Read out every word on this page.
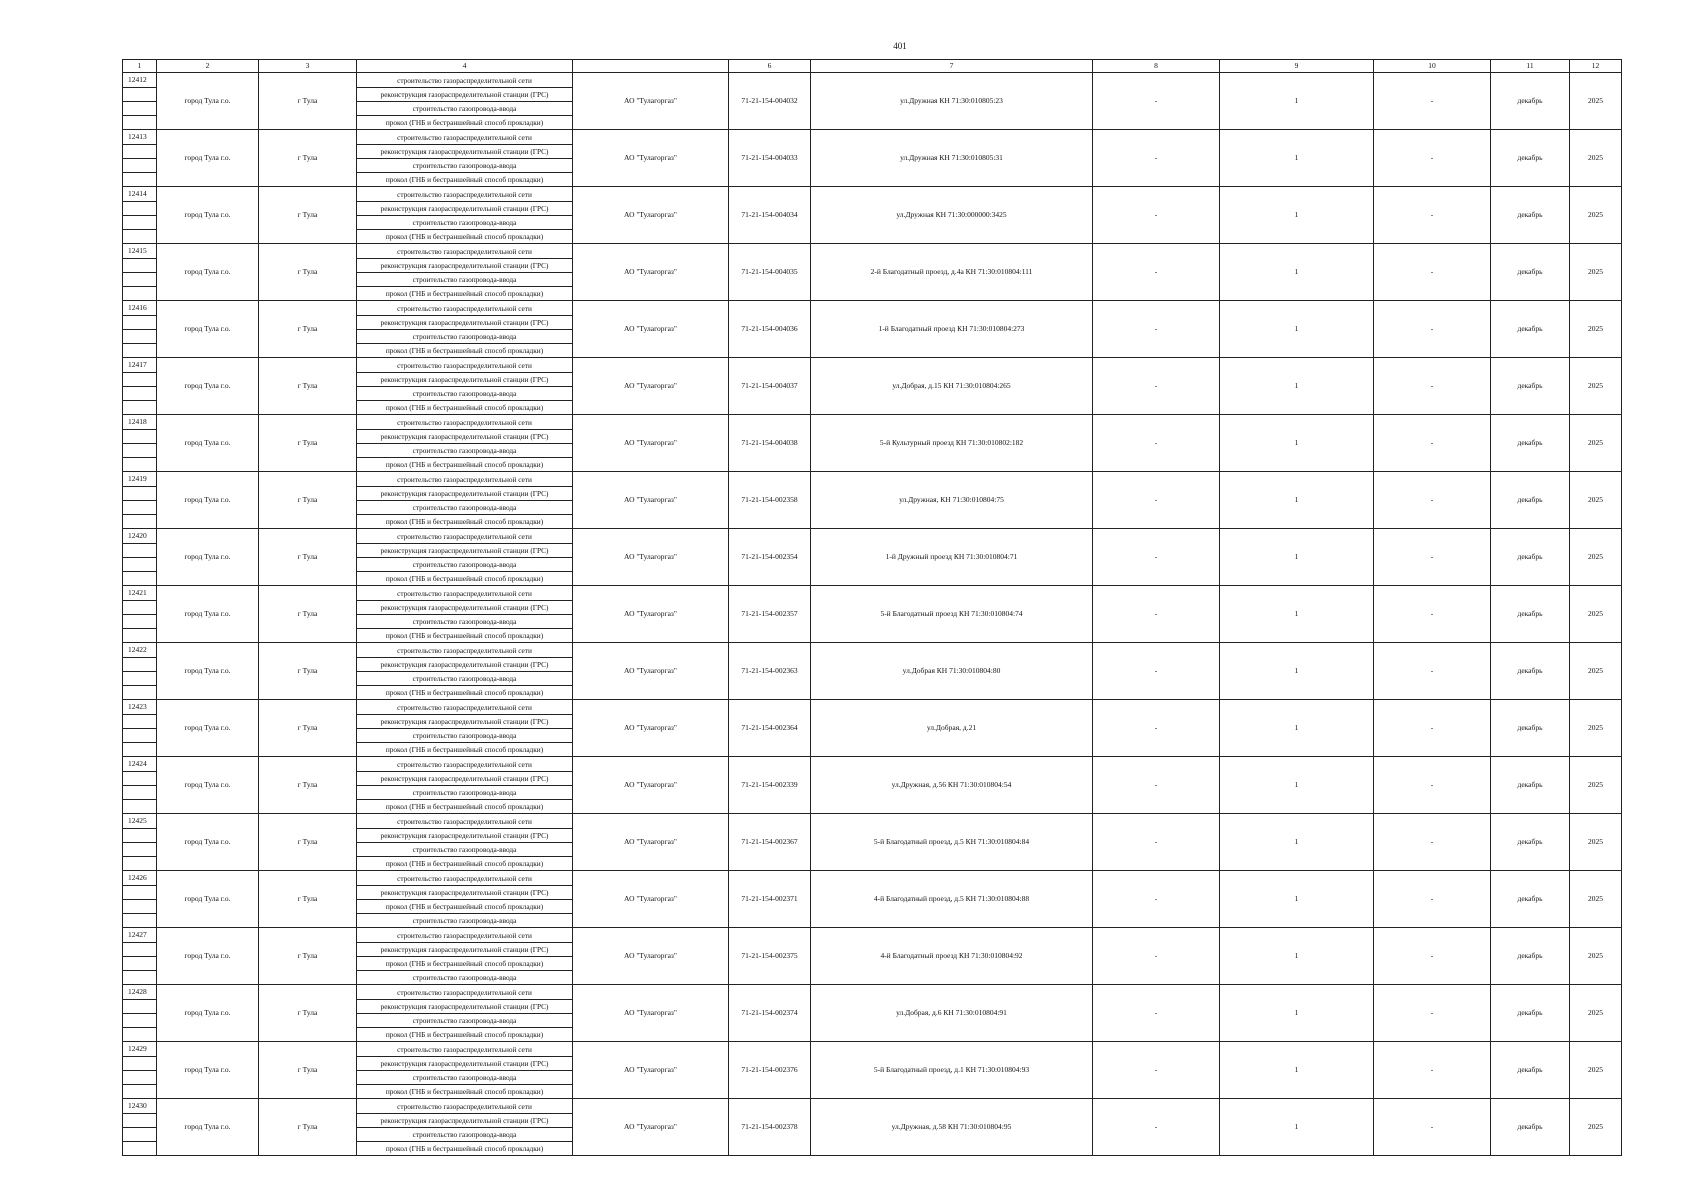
401
1	2	3	4		6	7	8	9	10	11	12
12412	город Тула г.о.	г Тула	строительство газораспределительной сети	АО "Тулагоргаз"	71-21-154-004032	ул.Дружная КН 71:30:010805:23	-	1	-	декабрь	2025
			реконструкция газораспределительной станции (ГРС)								
			строительство газопровода-ввода								
			прокол (ГНБ и бестраншейный способ прокладки)								
12413	город Тула г.о.	г Тула	строительство газораспределительной сети	АО "Тулагоргаз"	71-21-154-004033	ул.Дружная КН 71:30:010805:31	-	1	-	декабрь	2025
			реконструкция газораспределительной станции (ГРС)								
			строительство газопровода-ввода								
			прокол (ГНБ и бестраншейный способ прокладки)								
12414	город Тула г.о.	г Тула	строительство газораспределительной сети	АО "Тулагоргаз"	71-21-154-004034	ул.Дружная КН 71:30:000000:3425	-	1	-	декабрь	2025
			реконструкция газораспределительной станции (ГРС)								
			строительство газопровода-ввода								
			прокол (ГНБ и бестраншейный способ прокладки)								
12415	город Тула г.о.	г Тула	строительство газораспределительной сети	АО "Тулагоргаз"	71-21-154-004035	2-й Благодатный проезд, д.4а КН 71:30:010804:111	-	1	-	декабрь	2025
			реконструкция газораспределительной станции (ГРС)								
			строительство газопровода-ввода								
			прокол (ГНБ и бестраншейный способ прокладки)								
12416	город Тула г.о.	г Тула	строительство газораспределительной сети	АО "Тулагоргаз"	71-21-154-004036	1-й Благодатный проезд КН 71:30:010804:273	-	1	-	декабрь	2025
			реконструкция газораспределительной станции (ГРС)								
			строительство газопровода-ввода								
			прокол (ГНБ и бестраншейный способ прокладки)								
12417	город Тула г.о.	г Тула	строительство газораспределительной сети	АО "Тулагоргаз"	71-21-154-004037	ул.Добрая, д.15 КН 71:30:010804:265	-	1	-	декабрь	2025
			реконструкция газораспределительной станции (ГРС)								
			строительство газопровода-ввода								
			прокол (ГНБ и бестраншейный способ прокладки)								
12418	город Тула г.о.	г Тула	строительство газораспределительной сети	АО "Тулагоргаз"	71-21-154-004038	5-й Культурный проезд КН 71:30:010802:182	-	1	-	декабрь	2025
			реконструкция газораспределительной станции (ГРС)								
			строительство газопровода-ввода								
			прокол (ГНБ и бестраншейный способ прокладки)								
12419	город Тула г.о.	г Тула	строительство газораспределительной сети	АО "Тулагоргаз"	71-21-154-002358	ул.Дружная, КН 71:30:010804:75	-	1	-	декабрь	2025
			реконструкция газораспределительной станции (ГРС)								
			строительство газопровода-ввода								
			прокол (ГНБ и бестраншейный способ прокладки)								
12420	город Тула г.о.	г Тула	строительство газораспределительной сети	АО "Тулагоргаз"	71-21-154-002354	1-й Дружный проезд КН 71:30:010804:71	-	1	-	декабрь	2025
			реконструкция газораспределительной станции (ГРС)								
			строительство газопровода-ввода								
			прокол (ГНБ и бестраншейный способ прокладки)								
12421	город Тула г.о.	г Тула	строительство газораспределительной сети	АО "Тулагоргаз"	71-21-154-002357	5-й Благодатный проезд КН 71:30:010804:74	-	1	-	декабрь	2025
			реконструкция газораспределительной станции (ГРС)								
			строительство газопровода-ввода								
			прокол (ГНБ и бестраншейный способ прокладки)								
12422	город Тула г.о.	г Тула	строительство газораспределительной сети	АО "Тулагоргаз"	71-21-154-002363	ул.Добрая КН 71:30:010804:80	-	1	-	декабрь	2025
			реконструкция газораспределительной станции (ГРС)								
			строительство газопровода-ввода								
			прокол (ГНБ и бестраншейный способ прокладки)								
12423	город Тула г.о.	г Тула	строительство газораспределительной сети	АО "Тулагоргаз"	71-21-154-002364	ул.Добрая, д.21	-	1	-	декабрь	2025
			реконструкция газораспределительной станции (ГРС)								
			строительство газопровода-ввода								
			прокол (ГНБ и бестраншейный способ прокладки)								
12424	город Тула г.о.	г Тула	строительство газораспределительной сети	АО "Тулагоргаз"	71-21-154-002339	ул.Дружная, д.56 КН 71:30:010804:54	-	1	-	декабрь	2025
			реконструкция газораспределительной станции (ГРС)								
			строительство газопровода-ввода								
			прокол (ГНБ и бестраншейный способ прокладки)								
12425	город Тула г.о.	г Тула	строительство газораспределительной сети	АО "Тулагоргаз"	71-21-154-002367	5-й Благодатный проезд, д.5 КН 71:30:010804:84	-	1	-	декабрь	2025
			реконструкция газораспределительной станции (ГРС)								
			строительство газопровода-ввода								
			прокол (ГНБ и бестраншейный способ прокладки)								
12426	город Тула г.о.	г Тула	строительство газораспределительной сети	АО "Тулагоргаз"	71-21-154-002371	4-й Благодатный проезд, д.5 КН 71:30:010804:88	-	1	-	декабрь	2025
			реконструкция газораспределительной станции (ГРС)								
			прокол (ГНБ и бестраншейный способ прокладки)								
			строительство газопровода-ввода								
12427	город Тула г.о.	г Тула	строительство газораспределительной сети	АО "Тулагоргаз"	71-21-154-002375	4-й Благодатный проезд КН 71:30:010804:92	-	1	-	декабрь	2025
			реконструкция газораспределительной станции (ГРС)								
			прокол (ГНБ и бестраншейный способ прокладки)								
			строительство газопровода-ввода								
12428	город Тула г.о.	г Тула	строительство газораспределительной сети	АО "Тулагоргаз"	71-21-154-002374	ул.Добрая, д.6 КН 71:30:010804:91	-	1	-	декабрь	2025
			реконструкция газораспределительной станции (ГРС)								
			строительство газопровода-ввода								
			прокол (ГНБ и бестраншейный способ прокладки)								
12429	город Тула г.о.	г Тула	строительство газораспределительной сети	АО "Тулагоргаз"	71-21-154-002376	5-й Благодатный проезд, д.1 КН 71:30:010804:93	-	1	-	декабрь	2025
			реконструкция газораспределительной станции (ГРС)								
			строительство газопровода-ввода								
			прокол (ГНБ и бестраншейный способ прокладки)								
12430	город Тула г.о.	г Тула	строительство газораспределительной сети	АО "Тулагоргаз"	71-21-154-002378	ул.Дружная, д.58 КН 71:30:010804:95	-	1	-	декабрь	2025
			реконструкция газораспределительной станции (ГРС)								
			строительство газопровода-ввода								
			прокол (ГНБ и бестраншейный способ прокладки)								
